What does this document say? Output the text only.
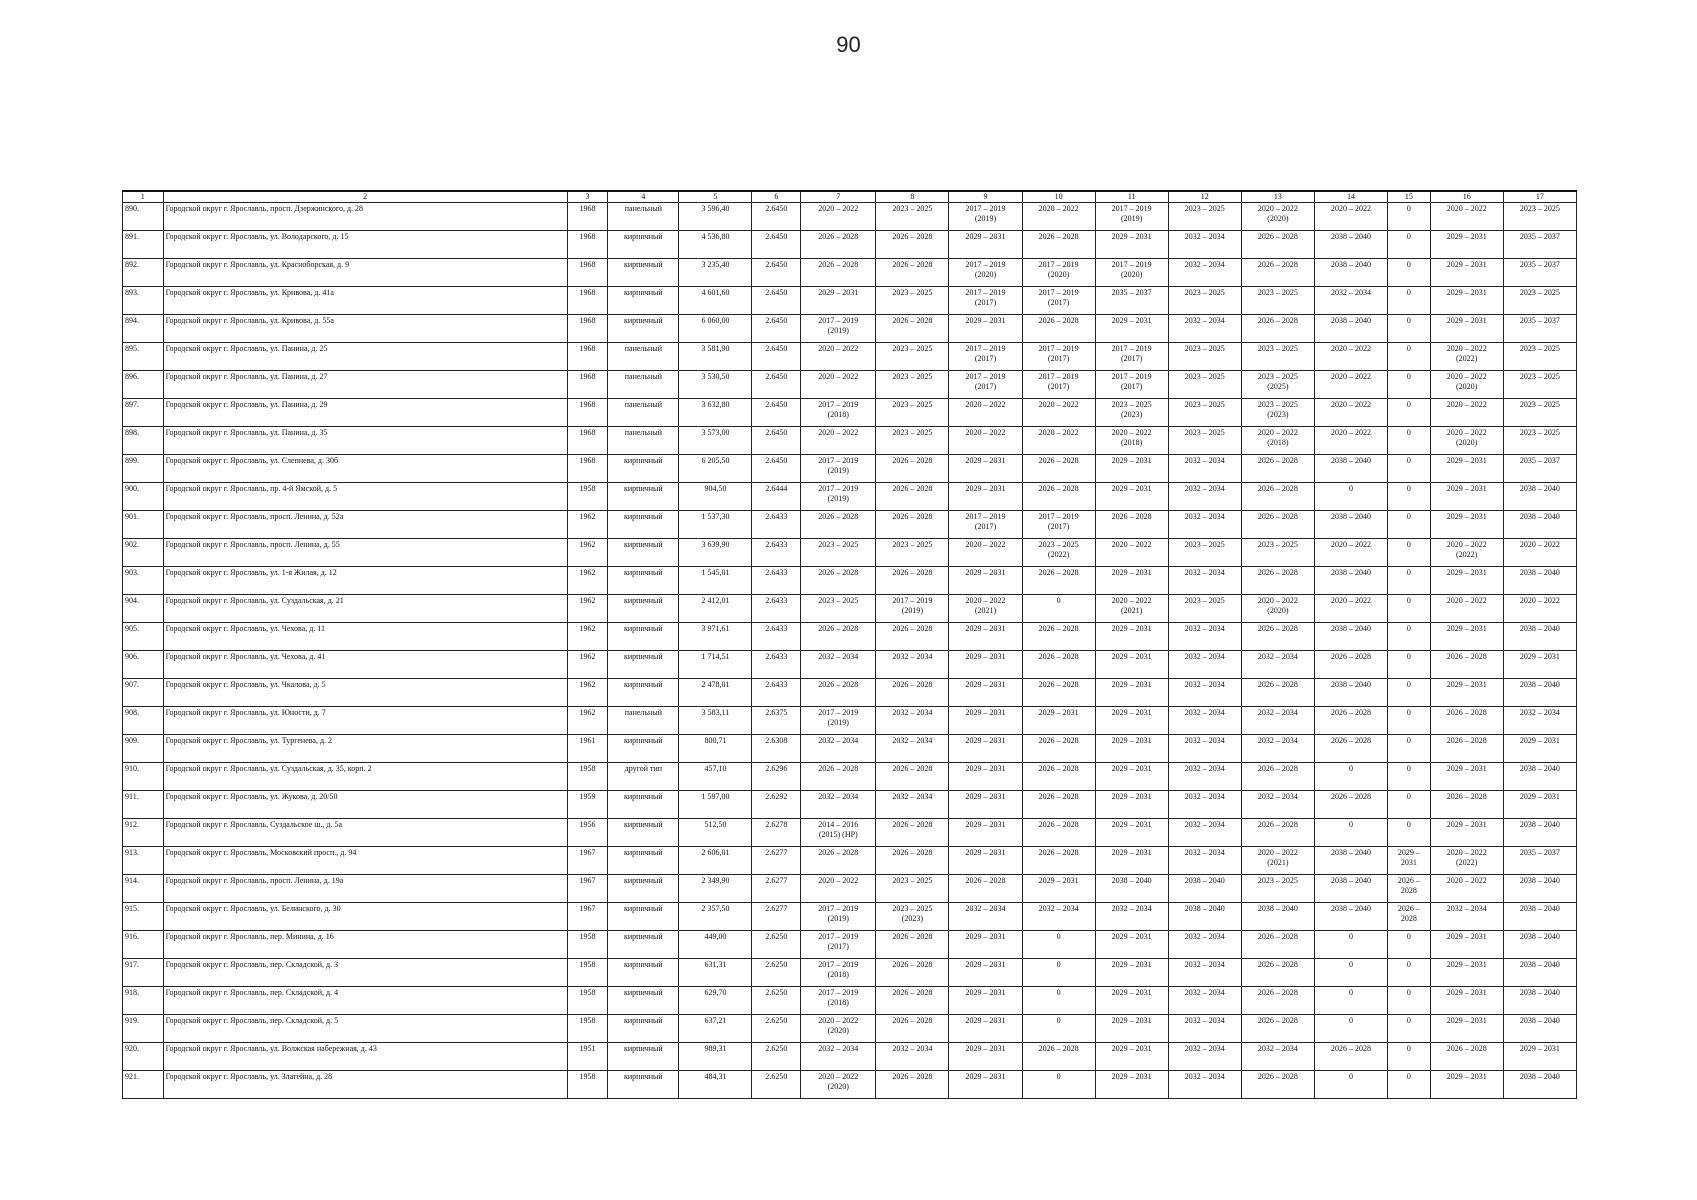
90
1	2	3	4	5	6	7	8	9	10	11	12	13	14	15	16	17

890.	Городской округ г. Ярославль, просп. Дзержинского, д. 28	1968	панельный	3 596,40	2.6450	2020 – 2022	2023 – 2025	2017 – 2019
(2019)	2020 – 2022	2017 – 2019
(2019)	2023 – 2025	2020 – 2022
(2020)	2020 – 2022	0	2020 – 2022	2023 – 2025

891.	Городской округ г. Ярославль, ул. Володарского, д. 15	1968	кирпичный	4 536,80	2.6450	2026 – 2028	2026 – 2028	2029 – 2031	2026 – 2028	2029 – 2031	2032 – 2034	2026 – 2028	2038 – 2040	0	2029 – 2031	2035 – 2037

892.	Городской округ г. Ярославль, ул. Красноборская, д. 9	1968	кирпичный	3 235,40	2.6450	2026 – 2028	2026 – 2028	2017 – 2019
(2020)	2017 – 2019
(2020)	2017 – 2019
(2020)	2032 – 2034	2026 – 2028	2038 – 2040	0	2029 – 2031	2035 – 2037

893.	Городской округ г. Ярославль, ул. Кривова, д. 41а	1968	кирпичный	4 601,60	2.6450	2029 – 2031	2023 – 2025	2017 – 2019
(2017)	2017 – 2019
(2017)	2035 – 2037	2023 – 2025	2023 – 2025	2032 – 2034	0	2029 – 2031	2023 – 2025

894.	Городской округ г. Ярославль, ул. Кривова, д. 55а	1968	кирпичный	6 060,00	2.6450	2017 – 2019
(2019)	2026 – 2028	2029 – 2031	2026 – 2028	2029 – 2031	2032 – 2034	2026 – 2028	2038 – 2040	0	2029 – 2031	2035 – 2037

895.	Городской округ г. Ярославль, ул. Панина, д. 25	1968	панельный	3 581,90	2.6450	2020 – 2022	2023 – 2025	2017 – 2019
(2017)	2017 – 2019
(2017)	2017 – 2019
(2017)	2023 – 2025	2023 – 2025	2020 – 2022	0	2020 – 2022
(2022)	2023 – 2025

896.	Городской округ г. Ярославль, ул. Панина, д. 27	1968	панельный	3 530,50	2.6450	2020 – 2022	2023 – 2025	2017 – 2019
(2017)	2017 – 2019
(2017)	2017 – 2019
(2017)	2023 – 2025	2023 – 2025
(2025)	2020 – 2022	0	2020 – 2022
(2020)	2023 – 2025

897.	Городской округ г. Ярославль, ул. Панина, д. 29	1968	панельный	3 632,80	2.6450	2017 – 2019
(2018)	2023 – 2025	2020 – 2022	2020 – 2022	2023 – 2025
(2023)	2023 – 2025	2023 – 2025
(2023)	2020 – 2022	0	2020 – 2022	2023 – 2025

898.	Городской округ г. Ярославль, ул. Панина, д. 35	1968	панельный	3 573,00	2.6450	2020 – 2022	2023 – 2025	2020 – 2022	2020 – 2022	2020 – 2022
(2018)	2023 – 2025	2020 – 2022
(2018)	2020 – 2022	0	2020 – 2022
(2020)	2023 – 2025

899.	Городской округ г. Ярославль, ул. Слепнева, д. 30б	1968	кирпичный	6 205,50	2.6450	2017 – 2019
(2019)	2026 – 2028	2029 – 2031	2026 – 2028	2029 – 2031	2032 – 2034	2026 – 2028	2038 – 2040	0	2029 – 2031	2035 – 2037

900.	Городской округ г. Ярославль, пр. 4-й Ямской, д. 5	1958	кирпичный	904,50	2.6444	2017 – 2019
(2019)	2026 – 2028	2029 – 2031	2026 – 2028	2029 – 2031	2032 – 2034	2026 – 2028	0	0	2029 – 2031	2038 – 2040

901.	Городской округ г. Ярославль, просп. Ленина, д. 52а	1962	кирпичный	1 537,30	2.6433	2026 – 2028	2026 – 2028	2017 – 2019
(2017)	2017 – 2019
(2017)	2026 – 2028	2032 – 2034	2026 – 2028	2038 – 2040	0	2029 – 2031	2038 – 2040

902.	Городской округ г. Ярославль, просп. Ленина, д. 55	1962	кирпичный	3 639,90	2.6433	2023 – 2025	2023 – 2025	2020 – 2022	2023 – 2025
(2022)	2020 – 2022	2023 – 2025	2023 – 2025	2020 – 2022	0	2020 – 2022
(2022)	2020 – 2022

903.	Городской округ г. Ярославль, ул. 1-я Жилая, д. 12	1962	кирпичный	1 545,01	2.6433	2026 – 2028	2026 – 2028	2029 – 2031	2026 – 2028	2029 – 2031	2032 – 2034	2026 – 2028	2038 – 2040	0	2029 – 2031	2038 – 2040

904.	Городской округ г. Ярославль, ул. Суздальская, д. 21	1962	кирпичный	2 412,01	2.6433	2023 – 2025	2017 – 2019
(2019)	2020 – 2022
(2021)	0	2020 – 2022
(2021)	2023 – 2025	2020 – 2022
(2020)	2020 – 2022	0	2020 – 2022	2020 – 2022

905.	Городской округ г. Ярославль, ул. Чехова, д. 11	1962	кирпичный	3 971,61	2.6433	2026 – 2028	2026 – 2028	2029 – 2031	2026 – 2028	2029 – 2031	2032 – 2034	2026 – 2028	2038 – 2040	0	2029 – 2031	2038 – 2040

906.	Городской округ г. Ярославль, ул. Чехова, д. 41	1962	кирпичный	1 714,51	2.6433	2032 – 2034	2032 – 2034	2029 – 2031	2026 – 2028	2029 – 2031	2032 – 2034	2032 – 2034	2026 – 2028	0	2026 – 2028	2029 – 2031

907.	Городской округ г. Ярославль, ул. Чкалова, д. 5	1962	кирпичный	2 478,01	2.6433	2026 – 2028	2026 – 2028	2029 – 2031	2026 – 2028	2029 – 2031	2032 – 2034	2026 – 2028	2038 – 2040	0	2029 – 2031	2038 – 2040

908.	Городской округ г. Ярославль, ул. Юности, д. 7	1962	панельный	3 583,11	2.6375	2017 – 2019
(2019)	2032 – 2034	2029 – 2031	2029 – 2031	2029 – 2031	2032 – 2034	2032 – 2034	2026 – 2028	0	2026 – 2028	2032 – 2034

909.	Городской округ г. Ярославль, ул. Тургенева, д. 2	1961	кирпичный	800,71	2.6308	2032 – 2034	2032 – 2034	2029 – 2031	2026 – 2028	2029 – 2031	2032 – 2034	2032 – 2034	2026 – 2028	0	2026 – 2028	2029 – 2031

910.	Городской округ г. Ярославль, ул. Суздальская, д. 35, корп. 2	1958	другой тип	457,10	2.6296	2026 – 2028	2026 – 2028	2029 – 2031	2026 – 2028	2029 – 2031	2032 – 2034	2026 – 2028	0	0	2029 – 2031	2038 – 2040

911.	Городской округ г. Ярославль, ул. Жукова, д. 20/50	1959	кирпичный	1 597,00	2.6292	2032 – 2034	2032 – 2034	2029 – 2031	2026 – 2028	2029 – 2031	2032 – 2034	2032 – 2034	2026 – 2028	0	2026 – 2028	2029 – 2031

912.	Городской округ г. Ярославль, Суздальское ш., д. 5а	1956	кирпичный	512,50	2.6278	2014 – 2016
(2015) (НР)	2026 – 2028	2029 – 2031	2026 – 2028	2029 – 2031	2032 – 2034	2026 – 2028	0	0	2029 – 2031	2038 – 2040

913.	Городской округ г. Ярославль, Московский просп., д. 94	1967	кирпичный	2 606,01	2.6277	2026 – 2028	2026 – 2028	2029 – 2031	2026 – 2028	2029 – 2031	2032 – 2034	2020 – 2022
(2021)	2038 – 2040	2029 – 2031	2020 – 2022
(2022)	2035 – 2037

914.	Городской округ г. Ярославль, просп. Ленина, д. 19а	1967	кирпичный	2 349,90	2.6277	2020 – 2022	2023 – 2025	2026 – 2028	2029 – 2031	2038 – 2040	2038 – 2040	2023 – 2025	2038 – 2040	2026 – 2028	2020 – 2022	2038 – 2040

915.	Городской округ г. Ярославль, ул. Белинского, д. 30	1967	кирпичный	2 357,50	2.6277	2017 – 2019
(2019)	2023 – 2025
(2023)	2032 – 2034	2032 – 2034	2032 – 2034	2038 – 2040	2038 – 2040	2038 – 2040	2026 – 2028	2032 – 2034	2038 – 2040

916.	Городской округ г. Ярославль, пер. Минина, д. 16	1958	кирпичный	449,00	2.6250	2017 – 2019
(2017)	2026 – 2028	2029 – 2031	0	2029 – 2031	2032 – 2034	2026 – 2028	0	0	2029 – 2031	2038 – 2040

917.	Городской округ г. Ярославль, пер. Складской, д. 3	1958	кирпичный	631,31	2.6250	2017 – 2019
(2018)	2026 – 2028	2029 – 2031	0	2029 – 2031	2032 – 2034	2026 – 2028	0	0	2029 – 2031	2038 – 2040

918.	Городской округ г. Ярославль, пер. Складской, д. 4	1958	кирпичный	629,70	2.6250	2017 – 2019
(2018)	2026 – 2028	2029 – 2031	0	2029 – 2031	2032 – 2034	2026 – 2028	0	0	2029 – 2031	2038 – 2040

919.	Городской округ г. Ярославль, пер. Складской, д. 5	1958	кирпичный	637,21	2.6250	2020 – 2022
(2020)	2026 – 2028	2029 – 2031	0	2029 – 2031	2032 – 2034	2026 – 2028	0	0	2029 – 2031	2038 – 2040

920.	Городской округ г. Ярославль, ул. Волжская набережная, д. 43	1951	кирпичный	989,31	2.6250	2032 – 2034	2032 – 2034	2029 – 2031	2026 – 2028	2029 – 2031	2032 – 2034	2032 – 2034	2026 – 2028	0	2026 – 2028	2029 – 2031

921.	Городской округ г. Ярославль, ул. Златейна, д. 28	1958	кирпичный	484,31	2.6250	2020 – 2022
(2020)	2026 – 2028	2029 – 2031	0	2029 – 2031	2032 – 2034	2026 – 2028	0	0	2029 – 2031	2038 – 2040
